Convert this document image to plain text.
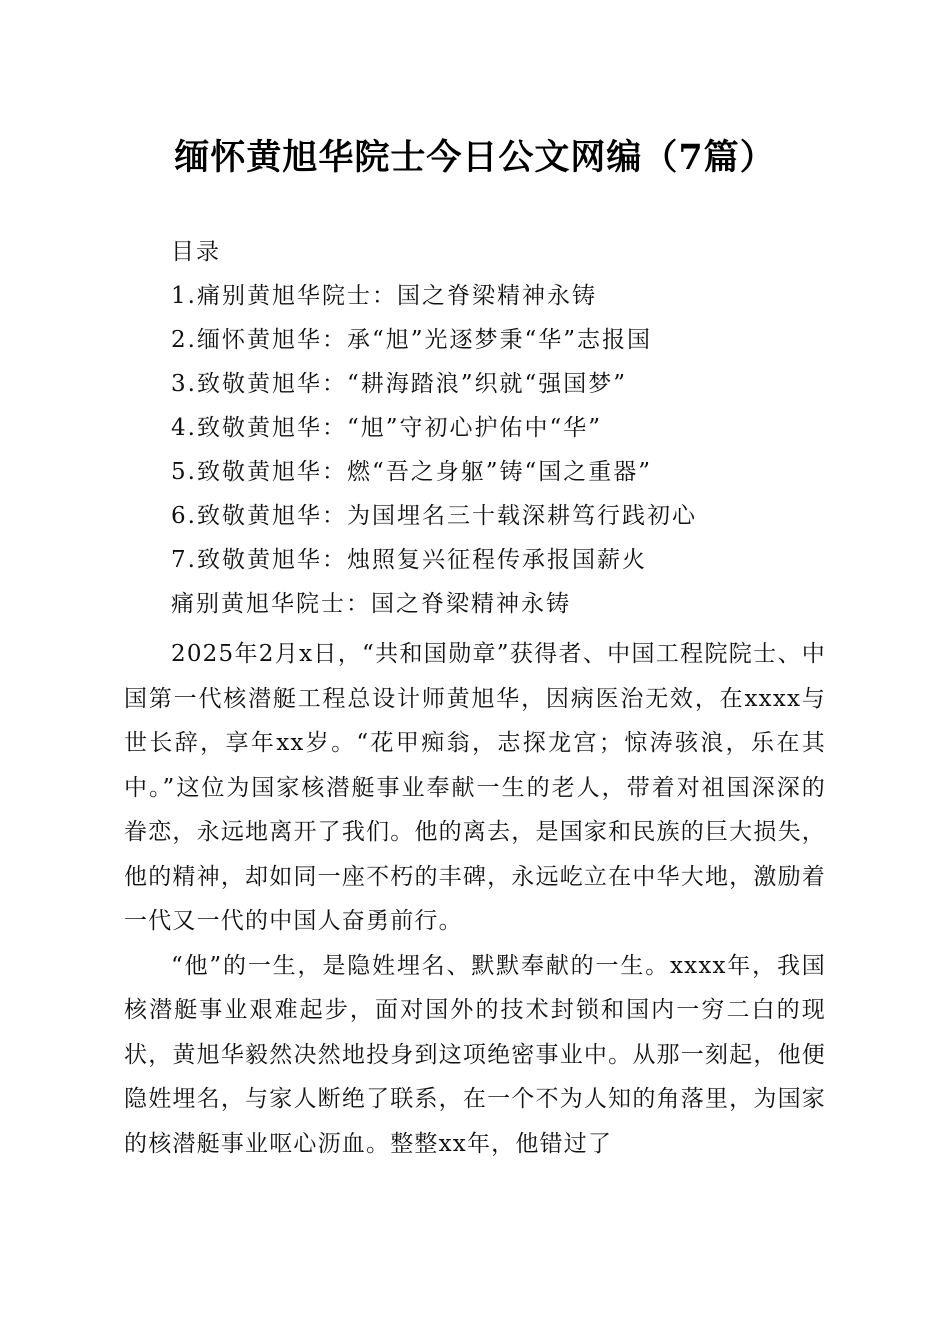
缅怀黄旭华院士今日公文网编（7篇）
目录
1.痛别黄旭华院士：国之脊梁精神永铸
2.缅怀黄旭华：承“旭”光逐梦秉“华”志报国
3.致敬黄旭华：“耕海踏浪”织就“强国梦”
4.致敬黄旭华：“旭”守初心护佑中“华”
5.致敬黄旭华：燃“吾之身躯”铸“国之重器”
6.致敬黄旭华：为国埋名三十载深耕笃行践初心
7.致敬黄旭华：烛照复兴征程传承报国薪火
痛别黄旭华院士：国之脊梁精神永铸

2025年2月x日，“共和国勋章”获得者、中国工程院院士、中国第一代核潜艇工程总设计师黄旭华，因病医治无效，在xxxx与世长辞，享年xx岁。“花甲痴翁，志探龙宫；惊涛骇浪，乐在其中。”这位为国家核潜艇事业奉献一生的老人，带着对祖国深深的眷恋，永远地离开了我们。他的离去，是国家和民族的巨大损失，他的精神，却如同一座不朽的丰碑，永远屹立在中华大地，激励着一代又一代的中国人奋勇前行。

“他”的一生，是隐姓埋名、默默奉献的一生。xxxx年，我国核潜艇事业艰难起步，面对国外的技术封锁和国内一穷二白的现状，黄旭华毅然决然地投身到这项绝密事业中。从那一刻起，他便隐姓埋名，与家人断绝了联系，在一个不为人知的角落里，为国家的核潜艇事业呕心沥血。整整xx年，他错过了
